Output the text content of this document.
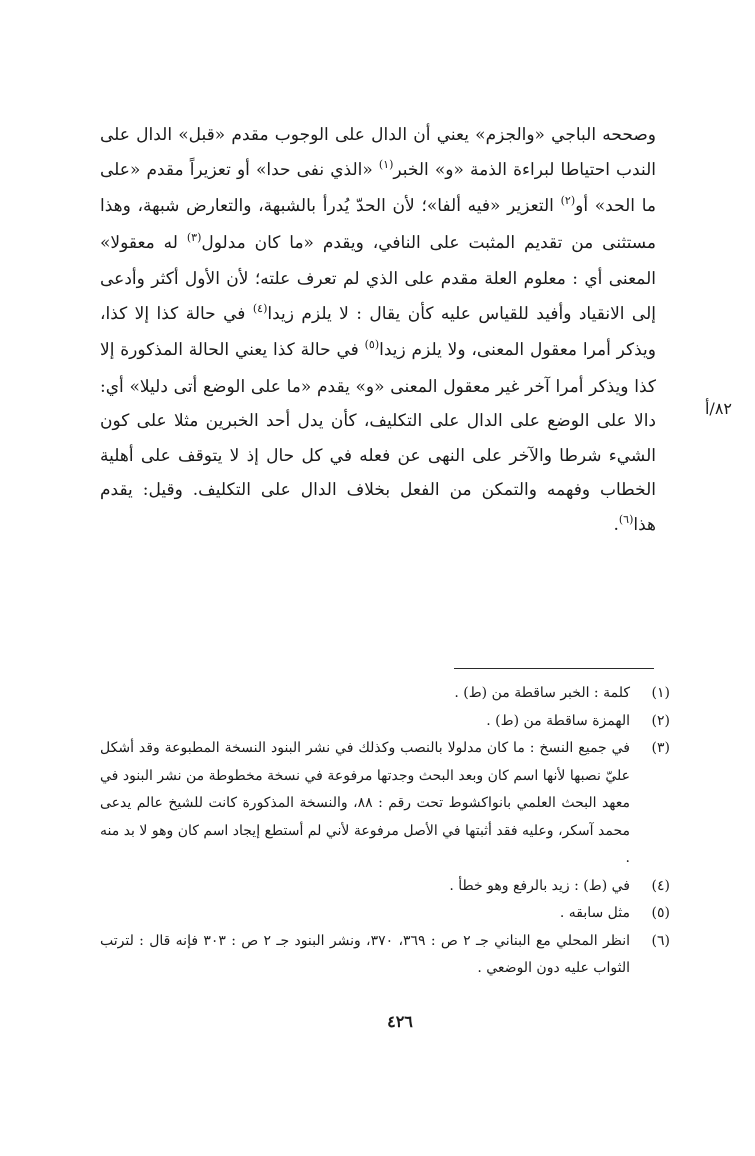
٨٢/أ

وصححه الباجي «والجزم» يعني أن الدال على الوجوب مقدم «قبل» الدال على الندب احتياطا لبراءة الذمة «و» الخبر$^{(١)}$ «الذي نفى حدا» أو تعزيراً مقدم «على ما الحد» أو$^{(٢)}$ التعزير «فيه ألفا»؛ لأن الحدّ يُدرأ بالشبهة، والتعارض شبهة، وهذا مستثنى من تقديم المثبت على النافي، ويقدم «ما كان مدلول$^{(٣)}$ له معقولا» المعنى أي : معلوم العلة مقدم على الذي لم تعرف علته؛ لأن الأول أكثر وأدعى إلى الانقياد وأفيد للقياس عليه كأن يقال : لا يلزم زيدا$^{(٤)}$ في حالة كذا إلا كذا، ويذكر أمرا معقول المعنى، ولا يلزم زيدا$^{(٥)}$ في حالة كذا يعني الحالة المذكورة إلا كذا ويذكر أمرا آخر غير معقول المعنى «و» يقدم «ما على الوضع أتى دليلا» أي: دالا على الوضع على الدال على التكليف، كأن يدل أحد الخبرين مثلا على كون الشيء شرطا والآخر على النهى عن فعله في كل حال إذ لا يتوقف على أهلية الخطاب وفهمه والتمكن من الفعل بخلاف الدال على التكليف. وقيل: يقدم هذا$^{(٦)}$.

(١)
كلمة : الخبر ساقطة من (ط) .
(٢)
الهمزة ساقطة من (ط) .
(٣)
في جميع النسخ : ما كان مدلولا بالنصب وكذلك في نشر البنود النسخة المطبوعة وقد أشكل عليّ نصبها لأنها اسم كان وبعد البحث وجدتها مرفوعة في نسخة مخطوطة من نشر البنود في معهد البحث العلمي بانواكشوط تحت رقم : ٨٨، والنسخة المذكورة كانت للشيخ عالم يدعى محمد آسكر، وعليه فقد أثبتها في الأصل مرفوعة لأني لم أستطع إيجاد اسم كان وهو لا بد منه .
(٤)
في (ط) : زيد بالرفع وهو خطأ .
(٥)
مثل سابقه .
(٦)
انظر المحلي مع البناني جـ ٢ ص : ٣٦٩، ٣٧٠، ونشر البنود جـ ٢ ص : ٣٠٣ فإنه قال : لترتب الثواب عليه دون الوضعي .
٤٢٦
